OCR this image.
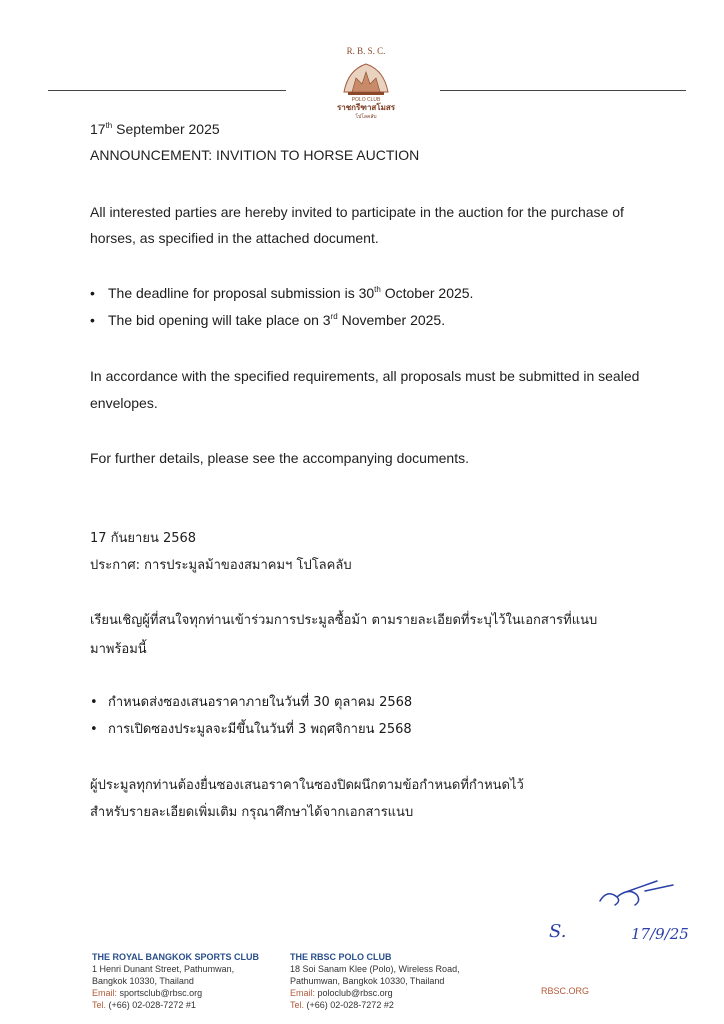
R. B. S. C.
POLO CLUB
ราชกรีฑาสโมสร
โปโลคลับ
17th September 2025
ANNOUNCEMENT: INVITION TO HORSE AUCTION
All interested parties are hereby invited to participate in the auction for the purchase of
horses, as specified in the attached document.
• The deadline for proposal submission is 30th October 2025.
• The bid opening will take place on 3rd November 2025.
In accordance with the specified requirements, all proposals must be submitted in sealed
envelopes.
For further details, please see the accompanying documents.
17 กันยายน 2568
ประกาศ: การประมูลม้าของสมาคมฯ โปโลคลับ
เรียนเชิญผู้ที่สนใจทุกท่านเข้าร่วมการประมูลซื้อม้า ตามรายละเอียดที่ระบุไว้ในเอกสารที่แนบ
มาพร้อมนี้
• กำหนดส่งซองเสนอราคาภายในวันที่ 30 ตุลาคม 2568
• การเปิดซองประมูลจะมีขึ้นในวันที่ 3 พฤศจิกายน 2568
ผู้ประมูลทุกท่านต้องยื่นซองเสนอราคาในซองปิดผนึกตามข้อกำหนดที่กำหนดไว้
สำหรับรายละเอียดเพิ่มเติม กรุณาศึกษาได้จากเอกสารแนบ
S.	17/9/25
THE ROYAL BANGKOK SPORTS CLUB
1 Henri Dunant Street, Pathumwan,
Bangkok 10330, Thailand
Email: sportsclub@rbsc.org
Tel. (+66) 02-028-7272 #1
THE RBSC POLO CLUB
18 Soi Sanam Klee (Polo), Wireless Road,
Pathumwan, Bangkok 10330, Thailand
Email: poloclub@rbsc.org
Tel. (+66) 02-028-7272 #2
RBSC.ORG
